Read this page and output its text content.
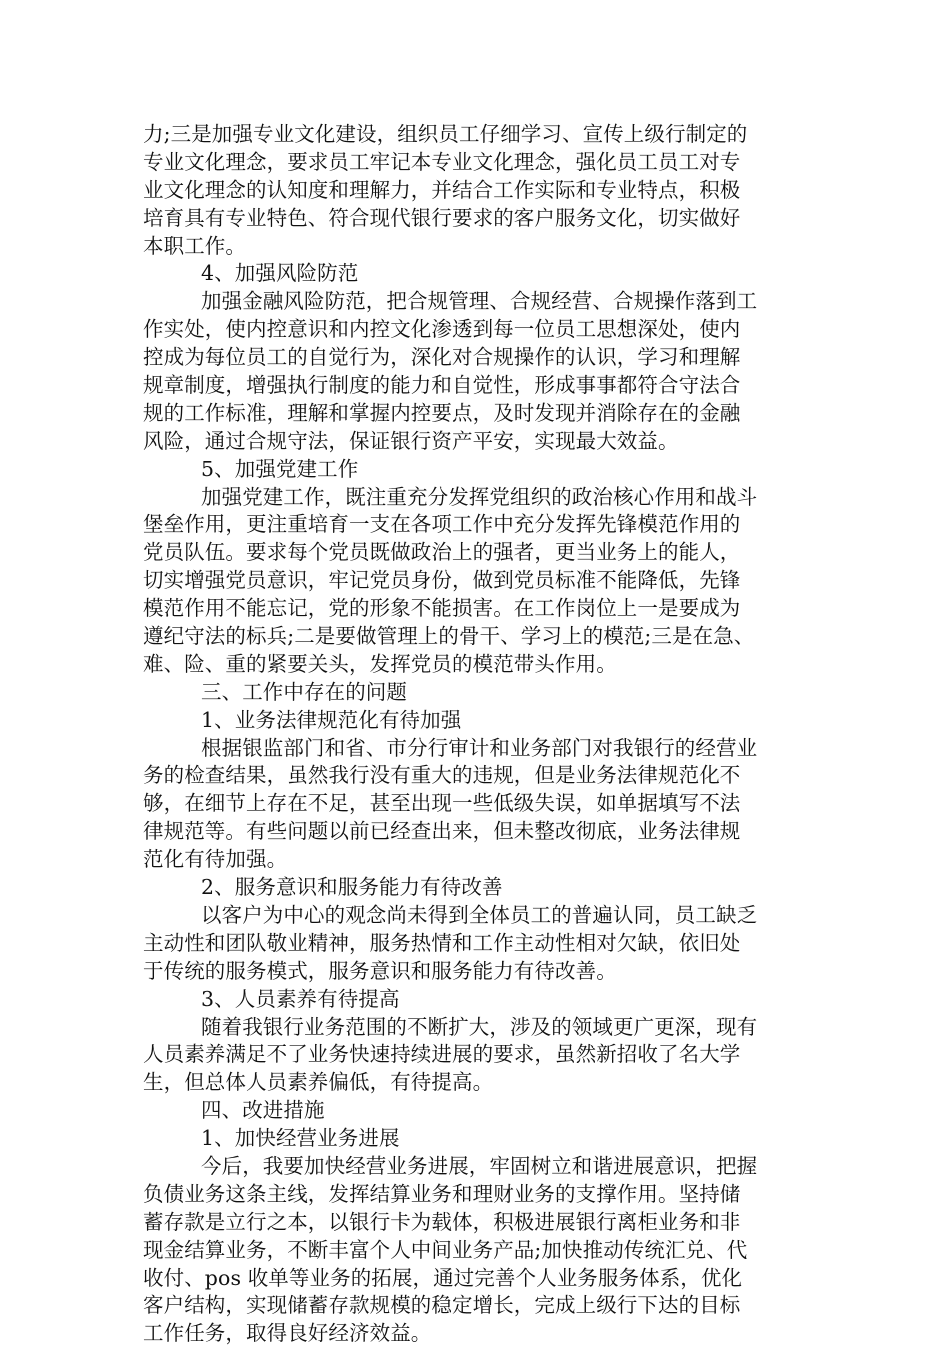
力;三是加强专业文化建设，组织员工仔细学习、宣传上级行制定的
专业文化理念，要求员工牢记本专业文化理念，强化员工员工对专
业文化理念的认知度和理解力，并结合工作实际和专业特点，积极
培育具有专业特色、符合现代银行要求的客户服务文化，切实做好
本职工作。
4、加强风险防范
加强金融风险防范，把合规管理、合规经营、合规操作落到工
作实处，使内控意识和内控文化渗透到每一位员工思想深处，使内
控成为每位员工的自觉行为，深化对合规操作的认识，学习和理解
规章制度，增强执行制度的能力和自觉性，形成事事都符合守法合
规的工作标准，理解和掌握内控要点，及时发现并消除存在的金融
风险，通过合规守法，保证银行资产平安，实现最大效益。
5、加强党建工作
加强党建工作，既注重充分发挥党组织的政治核心作用和战斗
堡垒作用，更注重培育一支在各项工作中充分发挥先锋模范作用的
党员队伍。要求每个党员既做政治上的强者，更当业务上的能人，
切实增强党员意识，牢记党员身份，做到党员标准不能降低，先锋
模范作用不能忘记，党的形象不能损害。在工作岗位上一是要成为
遵纪守法的标兵;二是要做管理上的骨干、学习上的模范;三是在急、
难、险、重的紧要关头，发挥党员的模范带头作用。
三、工作中存在的问题
1、业务法律规范化有待加强
根据银监部门和省、市分行审计和业务部门对我银行的经营业
务的检查结果，虽然我行没有重大的违规，但是业务法律规范化不
够，在细节上存在不足，甚至出现一些低级失误，如单据填写不法
律规范等。有些问题以前已经查出来，但未整改彻底，业务法律规
范化有待加强。
2、服务意识和服务能力有待改善
以客户为中心的观念尚未得到全体员工的普遍认同，员工缺乏
主动性和团队敬业精神，服务热情和工作主动性相对欠缺，依旧处
于传统的服务模式，服务意识和服务能力有待改善。
3、人员素养有待提高
随着我银行业务范围的不断扩大，涉及的领域更广更深，现有
人员素养满足不了业务快速持续进展的要求，虽然新招收了名大学
生，但总体人员素养偏低，有待提高。
四、改进措施
1、加快经营业务进展
今后，我要加快经营业务进展，牢固树立和谐进展意识，把握
负债业务这条主线，发挥结算业务和理财业务的支撑作用。坚持储
蓄存款是立行之本，以银行卡为载体，积极进展银行离柜业务和非
现金结算业务，不断丰富个人中间业务产品;加快推动传统汇兑、代
收付、pos 收单等业务的拓展，通过完善个人业务服务体系，优化
客户结构，实现储蓄存款规模的稳定增长，完成上级行下达的目标
工作任务，取得良好经济效益。
